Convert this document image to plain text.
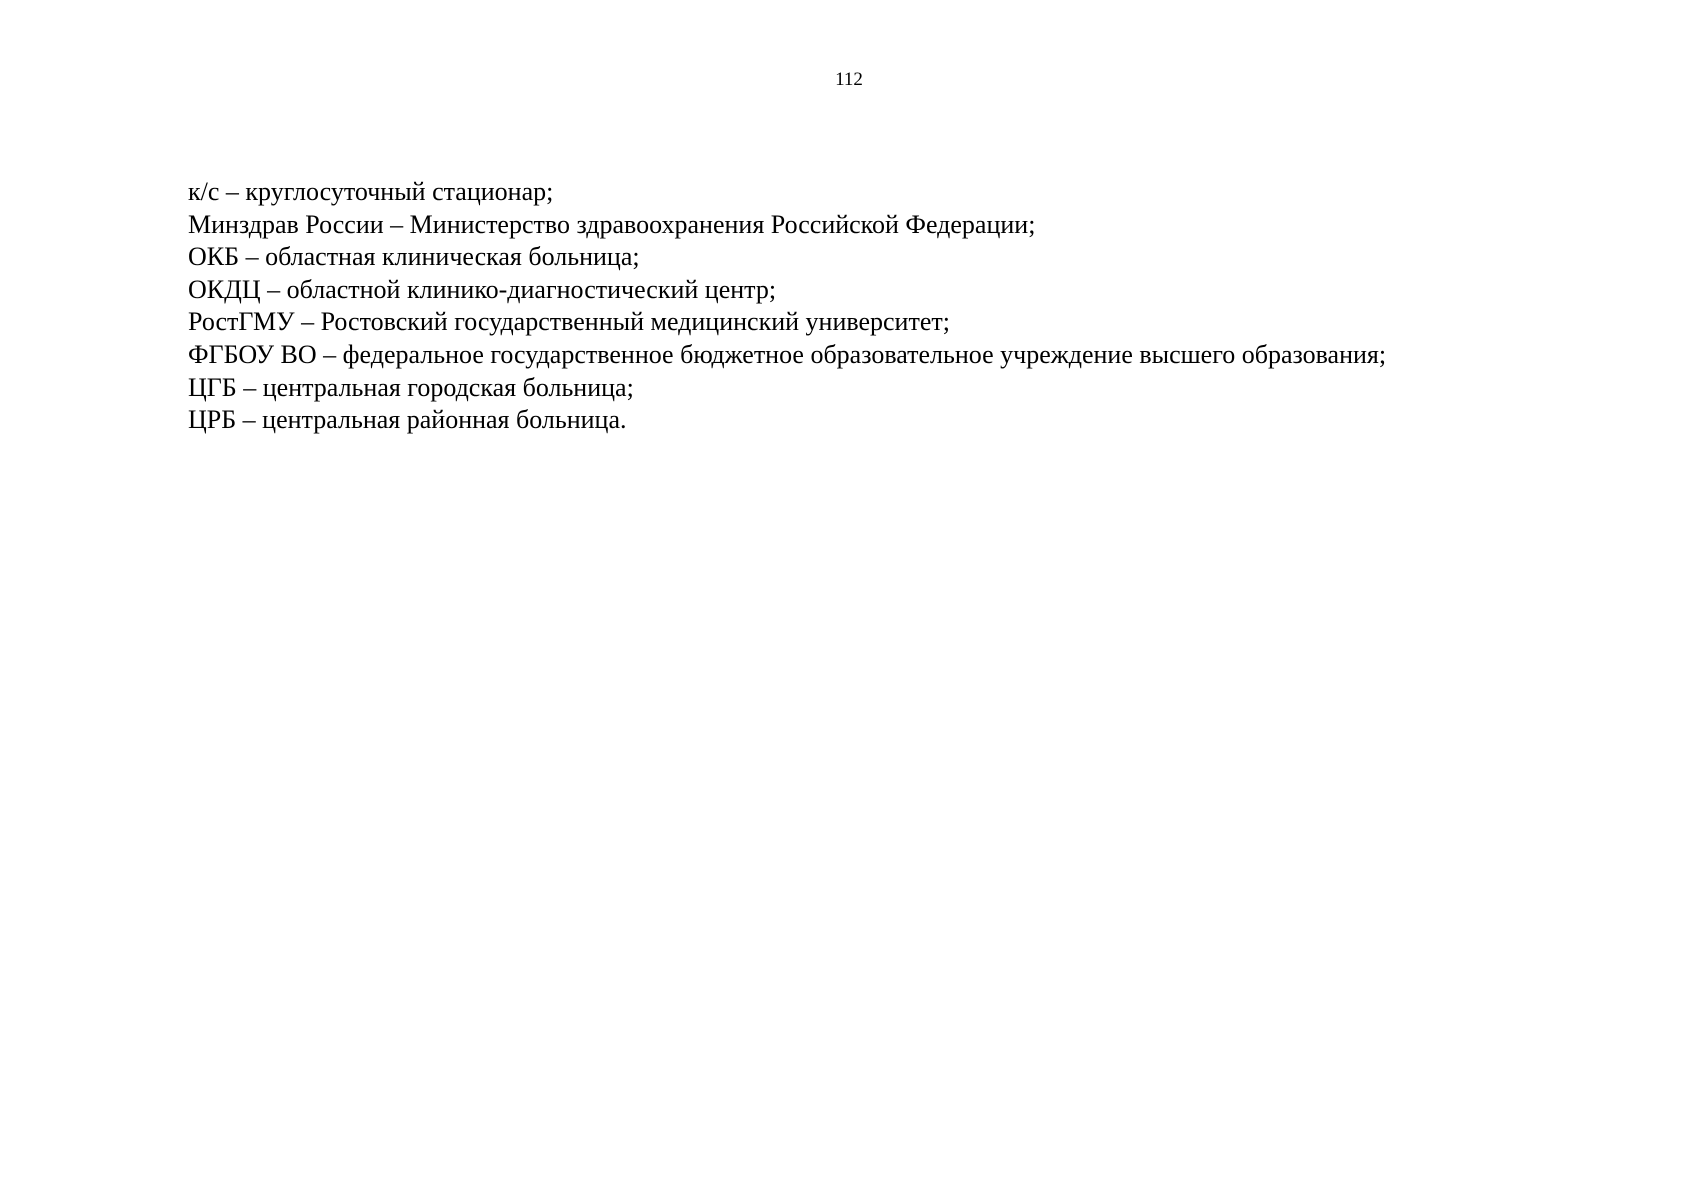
112
к/с – круглосуточный стационар;
Минздрав России – Министерство здравоохранения Российской Федерации;
ОКБ – областная клиническая больница;
ОКДЦ – областной клинико-диагностический центр;
РостГМУ – Ростовский государственный медицинский университет;
ФГБОУ ВО – федеральное государственное бюджетное образовательное учреждение высшего образования;
ЦГБ – центральная городская больница;
ЦРБ – центральная районная больница.
